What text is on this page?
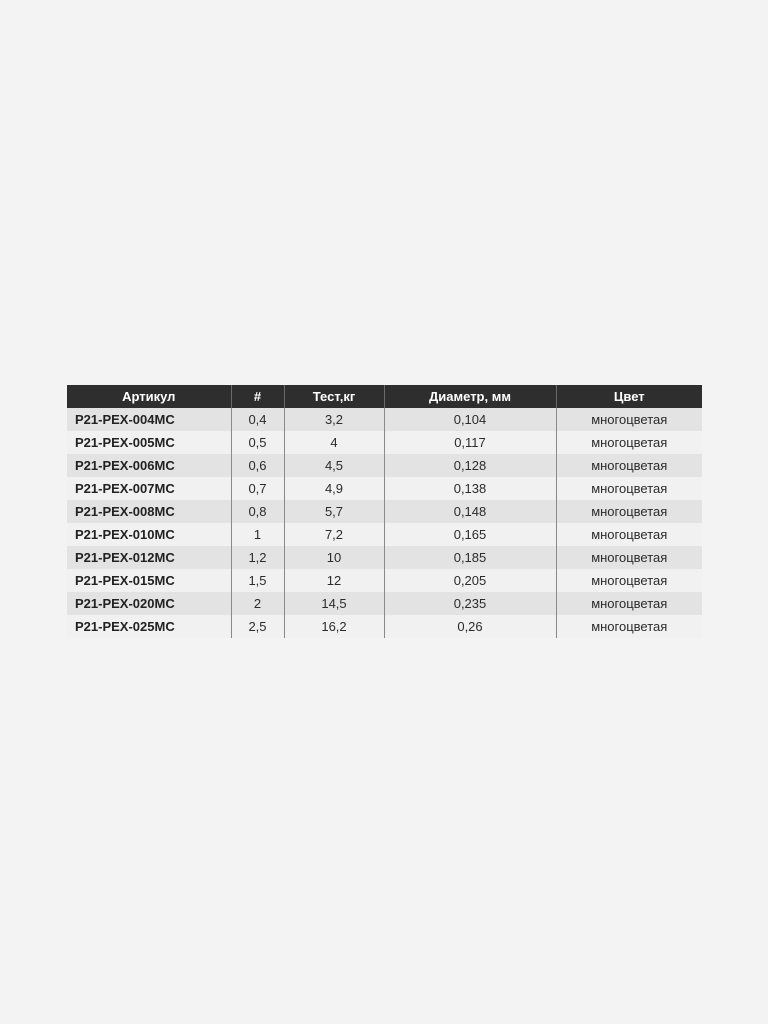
Артикул	#	Тест,кг	Диаметр, мм	Цвет
P21-PEX-004MC	0,4	3,2	0,104	многоцветая
P21-PEX-005MC	0,5	4	0,117	многоцветая
P21-PEX-006MC	0,6	4,5	0,128	многоцветая
P21-PEX-007MC	0,7	4,9	0,138	многоцветая
P21-PEX-008MC	0,8	5,7	0,148	многоцветая
P21-PEX-010MC	1	7,2	0,165	многоцветая
P21-PEX-012MC	1,2	10	0,185	многоцветая
P21-PEX-015MC	1,5	12	0,205	многоцветая
P21-PEX-020MC	2	14,5	0,235	многоцветая
P21-PEX-025MC	2,5	16,2	0,26	многоцветая
